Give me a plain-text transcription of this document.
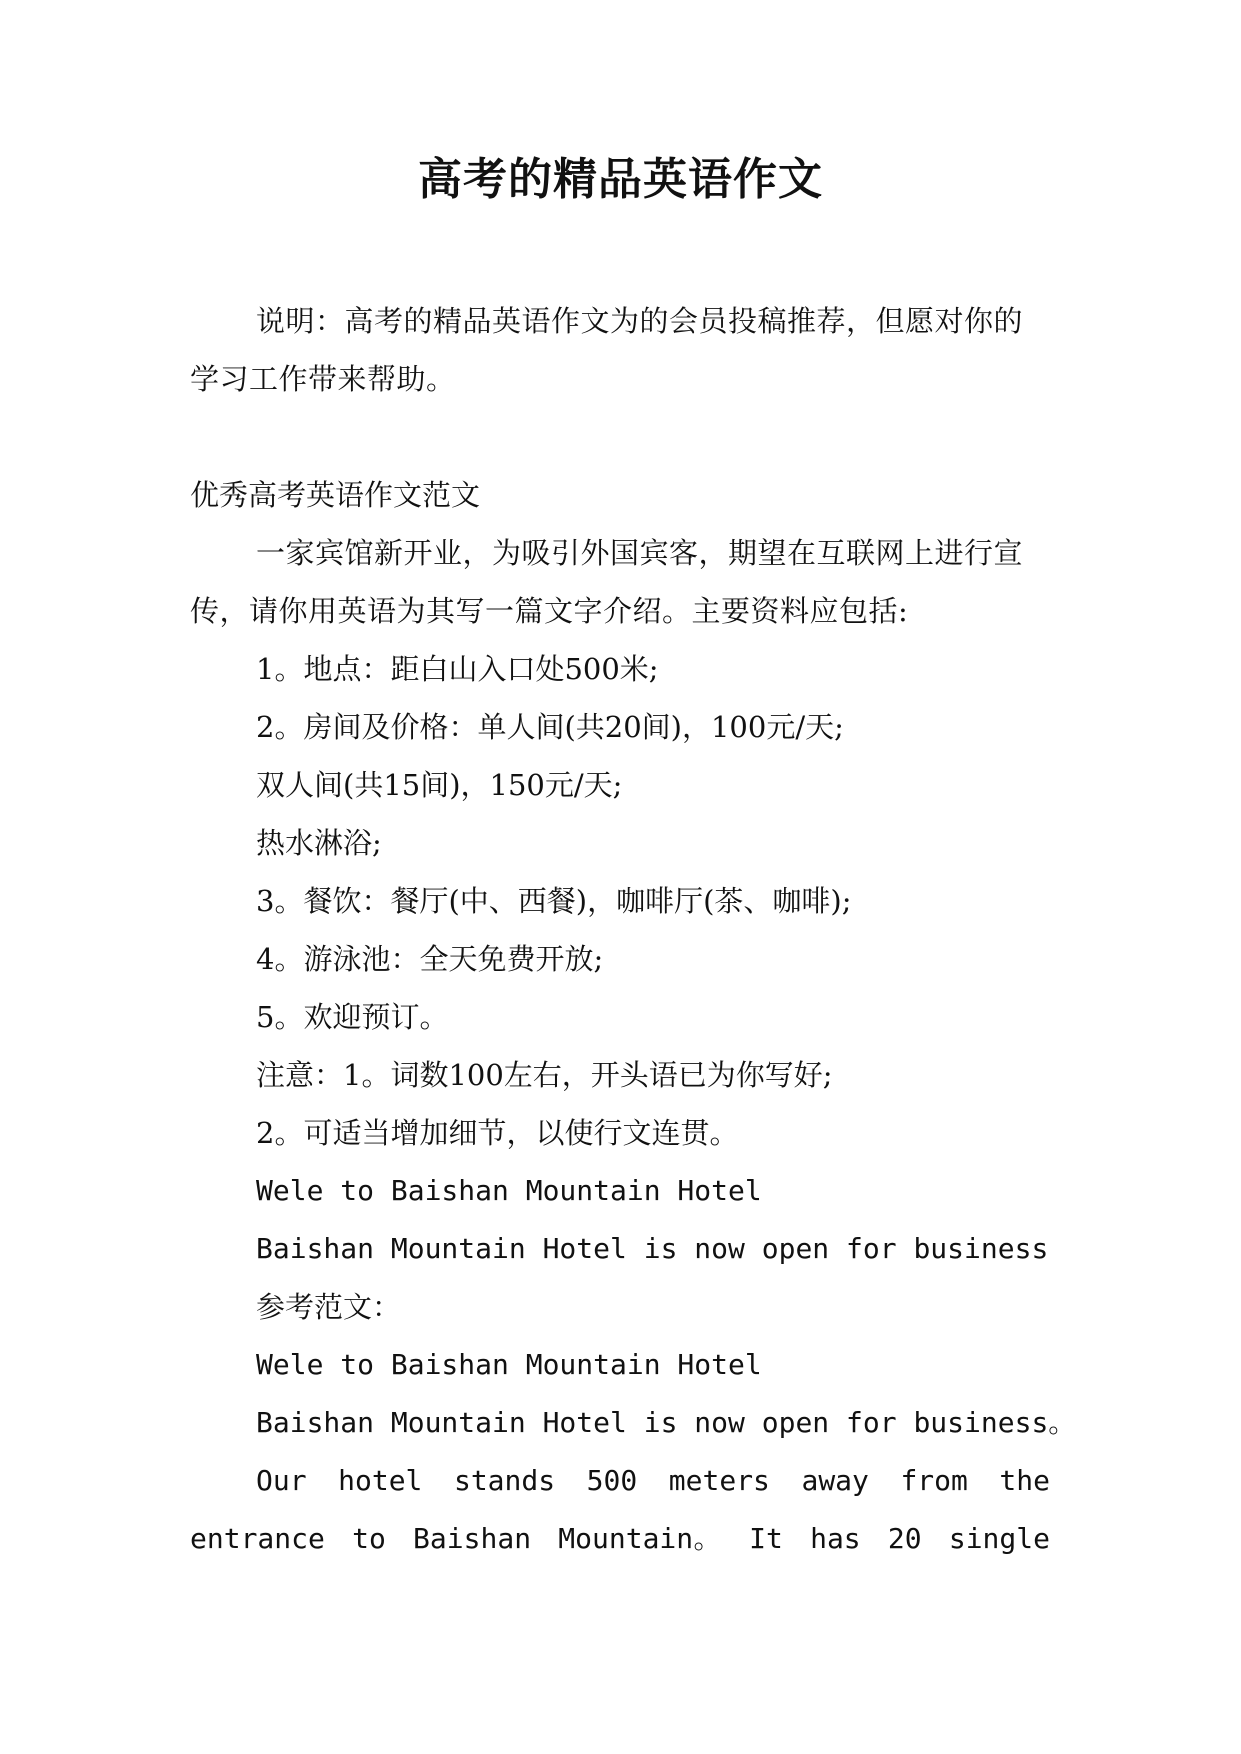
高考的精品英语作文

说明：高考的精品英语作文为的会员投稿推荐，但愿对你的学习工作带来帮助。

优秀高考英语作文范文

一家宾馆新开业，为吸引外国宾客，期望在互联网上进行宣传，请你用英语为其写一篇文字介绍。主要资料应包括:

1。地点：距白山入口处500米;

2。房间及价格：单人间(共20间)，100元/天;

双人间(共15间)，150元/天;

热水淋浴;

3。餐饮：餐厅(中、西餐)，咖啡厅(茶、咖啡);

4。游泳池：全天免费开放;

5。欢迎预订。

注意：1。词数100左右，开头语已为你写好;

2。可适当增加细节，以使行文连贯。

Wele to Baishan Mountain Hotel

Baishan Mountain Hotel is now open for business

参考范文：

Wele to Baishan Mountain Hotel

Baishan Mountain Hotel is now open for business。

Our hotel stands 500 meters away from the

entrance to Baishan Mountain。 It has 20 single
